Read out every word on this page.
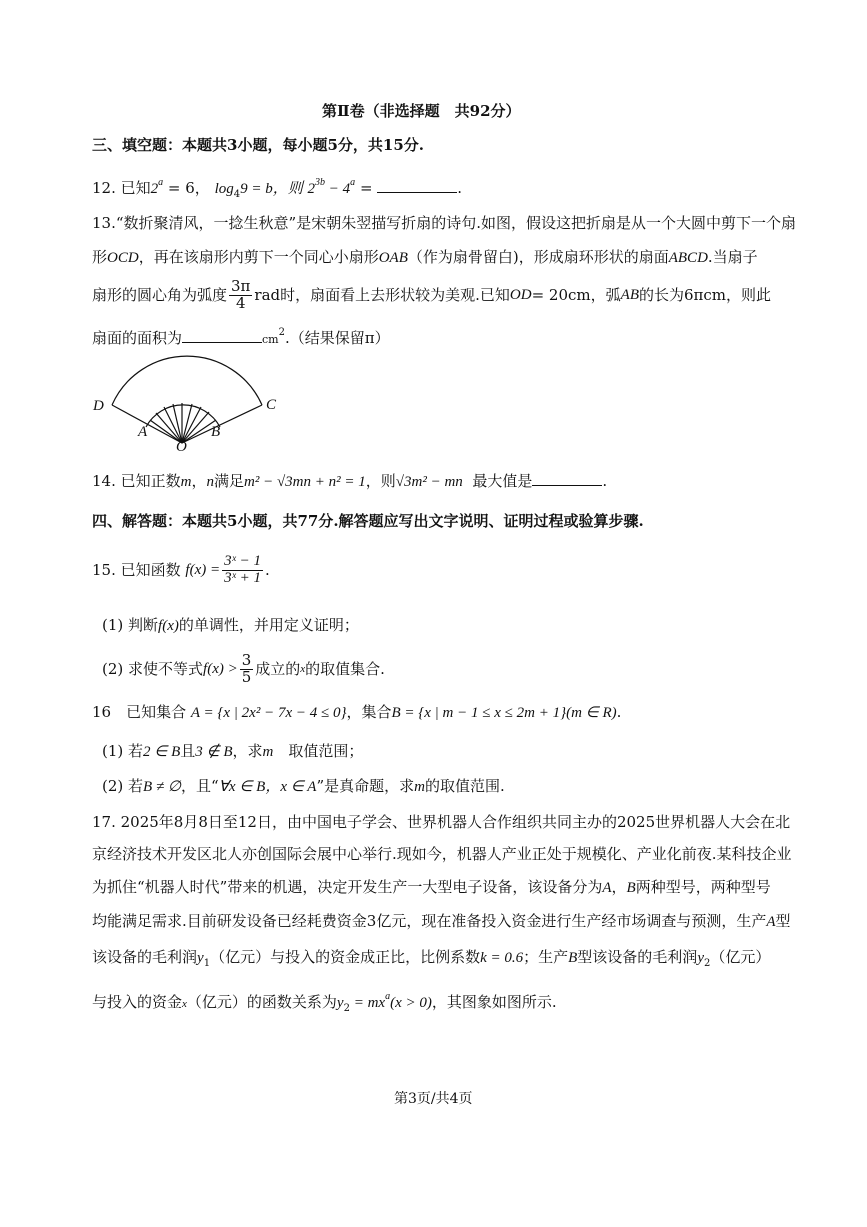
第Ⅱ卷（非选择题　共92分）
三、填空题：本题共3小题，每小题5分，共15分.
12. 已知$2^a = 6$， $\log_49 = b$，则 $2^{3b} - 4^a$ =	.
13.“数折聚清风，一捻生秋意”是宋朝朱翌描写折扇的诗句.如图，假设这把折扇是从一个大圆中剪下一个扇
形OCD，再在该扇形内剪下一个同心小扇形OAB（作为扇骨留白)，形成扇环形状的扇面ABCD.当扇子
扇形的圆心角为弧度 $\frac{3\pi}{4}$ rad时，扇面看上去形状较为美观.已知 OD = 20cm，弧 AB 的长为6πcm，则此
扇面的面积为	$cm^2$.（结果保留π）
D	C
A	B
O
14. 已知正数m，n满足m² − √3mn + n² = 1，则√3m² − mn 最大值是	.
四、解答题：本题共5小题，共77分.解答题应写出文字说明、证明过程或验算步骤.
15. 已知函数
$f(x) = \frac{\text{3ˣ − 1}}{\text{3ˣ + 1}}$ .
(1) 判断f(x)的单调性，并用定义证明；
(2) 求使不等式 $f(x) > \frac{3}{5}$ 成立的 x 的取值集合.
16　已知集合 A = {x | 2x² − 7x − 4 ≤ 0}，集合B = {x | m − 1 ≤ x ≤ 2m + 1}(m ∈ R).
(1) 若2 ∈ B且3 ∉ B，求m　取值范围；
(2) 若B ≠ ∅，且“∀x ∈ B，x ∈ A”是真命题，求m的取值范围.
17. 2025年8月8日至12日，由中国电子学会、世界机器人合作组织共同主办的2025世界机器人大会在北
京经济技术开发区北人亦创国际会展中心举行.现如今，机器人产业正处于规模化、产业化前夜.某科技企业
为抓住“机器人时代”带来的机遇，决定开发生产一大型电子设备，该设备分为A，B两种型号，两种型号
均能满足需求.目前研发设备已经耗费资金3亿元，现在准备投入资金进行生产经市场调查与预测，生产A型
该设备的毛利润$y_1$（亿元）与投入的资金成正比，比例系数k = 0.6；生产B型该设备的毛利润$y_2$（亿元）
与投入的资金x（亿元）的函数关系为$y_2 = mx^a(x > 0)$，其图象如图所示.
第3页/共4页
